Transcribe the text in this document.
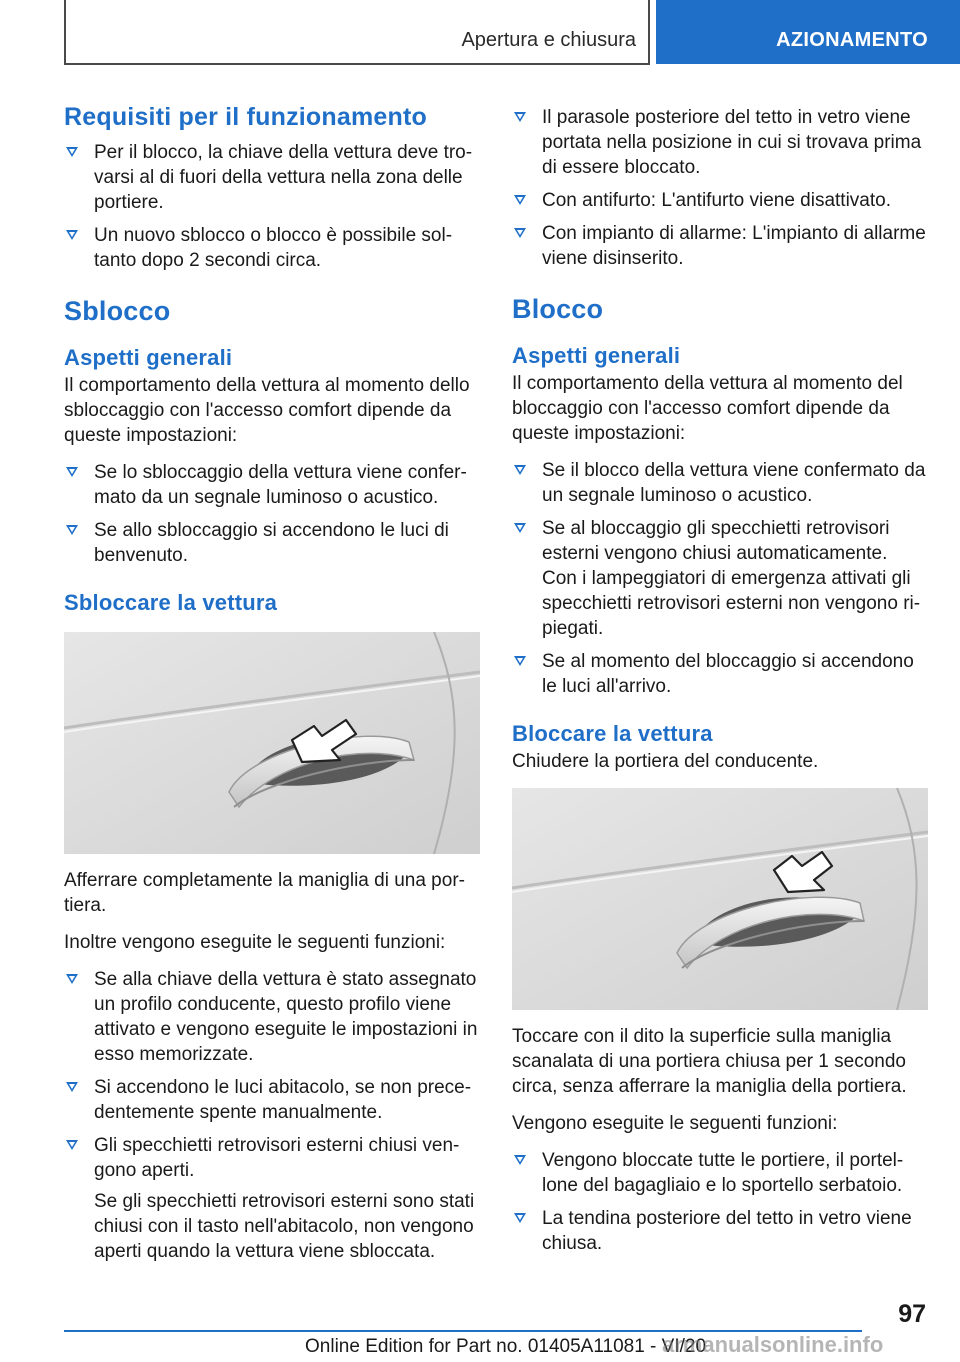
Apertura e chiusura	AZIONAMENTO
Requisiti per il funzionamento
Per il blocco, la chiave della vettura deve trovarsi al di fuori della vettura nella zona delle portiere.
Un nuovo sblocco o blocco è possibile soltanto dopo 2 secondi circa.
Sblocco
Aspetti generali

Il comportamento della vettura al momento dello sbloccaggio con l'accesso comfort dipende da queste impostazioni:

Se lo sbloccaggio della vettura viene confermato da un segnale luminoso o acustico.
Se allo sbloccaggio si accendono le luci di benvenuto.
Sbloccare la vettura

Afferrare completamente la maniglia di una portiera.

Inoltre vengono eseguite le seguenti funzioni:

Se alla chiave della vettura è stato assegnato un profilo conducente, questo profilo viene attivato e vengono eseguite le impostazioni in esso memorizzate.
Si accendono le luci abitacolo, se non precedentemente spente manualmente.
Gli specchietti retrovisori esterni chiusi vengono aperti.
Se gli specchietti retrovisori esterni sono stati chiusi con il tasto nell'abitacolo, non vengono aperti quando la vettura viene sbloccata.
Il parasole posteriore del tetto in vetro viene portata nella posizione in cui si trovava prima di essere bloccato.
Con antifurto: L'antifurto viene disattivato.
Con impianto di allarme: L'impianto di allarme viene disinserito.
Blocco
Aspetti generali

Il comportamento della vettura al momento del bloccaggio con l'accesso comfort dipende da queste impostazioni:

Se il blocco della vettura viene confermato da un segnale luminoso o acustico.
Se al bloccaggio gli specchietti retrovisori esterni vengono chiusi automaticamente.
Con i lampeggiatori di emergenza attivati gli specchietti retrovisori esterni non vengono ripiegati.
Se al momento del bloccaggio si accendono le luci all'arrivo.
Bloccare la vettura

Chiudere la portiera del conducente.

Toccare con il dito la superficie sulla maniglia scanalata di una portiera chiusa per 1 secondo circa, senza afferrare la maniglia della portiera.

Vengono eseguite le seguenti funzioni:

Vengono bloccate tutte le portiere, il portellone del bagagliaio e lo sportello serbatoio.
La tendina posteriore del tetto in vetro viene chiusa.
97
Online Edition for Part no. 01405A11081 - VI/20
armanualsonline.info
